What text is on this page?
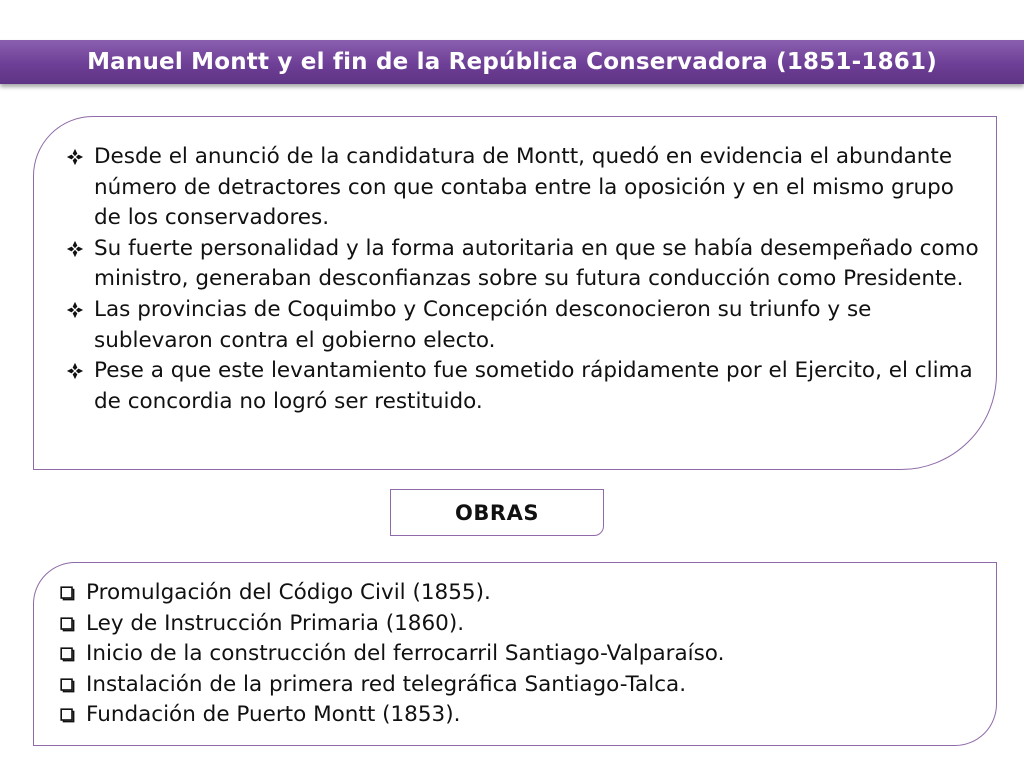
Manuel Montt y el fin de la República Conservadora (1851-1861)
Desde el anunció de la candidatura de Montt, quedó en evidencia el abundante número de detractores con que contaba entre la oposición y en el mismo grupo de los conservadores.
Su fuerte personalidad y la forma autoritaria en que se había desempeñado como ministro, generaban desconfianzas sobre su futura conducción como Presidente.
Las provincias de Coquimbo y Concepción desconocieron su triunfo y se sublevaron contra el gobierno electo.
Pese a que este levantamiento fue sometido rápidamente por el Ejercito, el clima de concordia no logró ser restituido.
OBRAS
Promulgación del Código Civil (1855).
Ley de Instrucción Primaria (1860).
Inicio de la construcción del ferrocarril Santiago-Valparaíso.
Instalación de la primera red telegráfica Santiago-Talca.
Fundación de Puerto Montt (1853).
